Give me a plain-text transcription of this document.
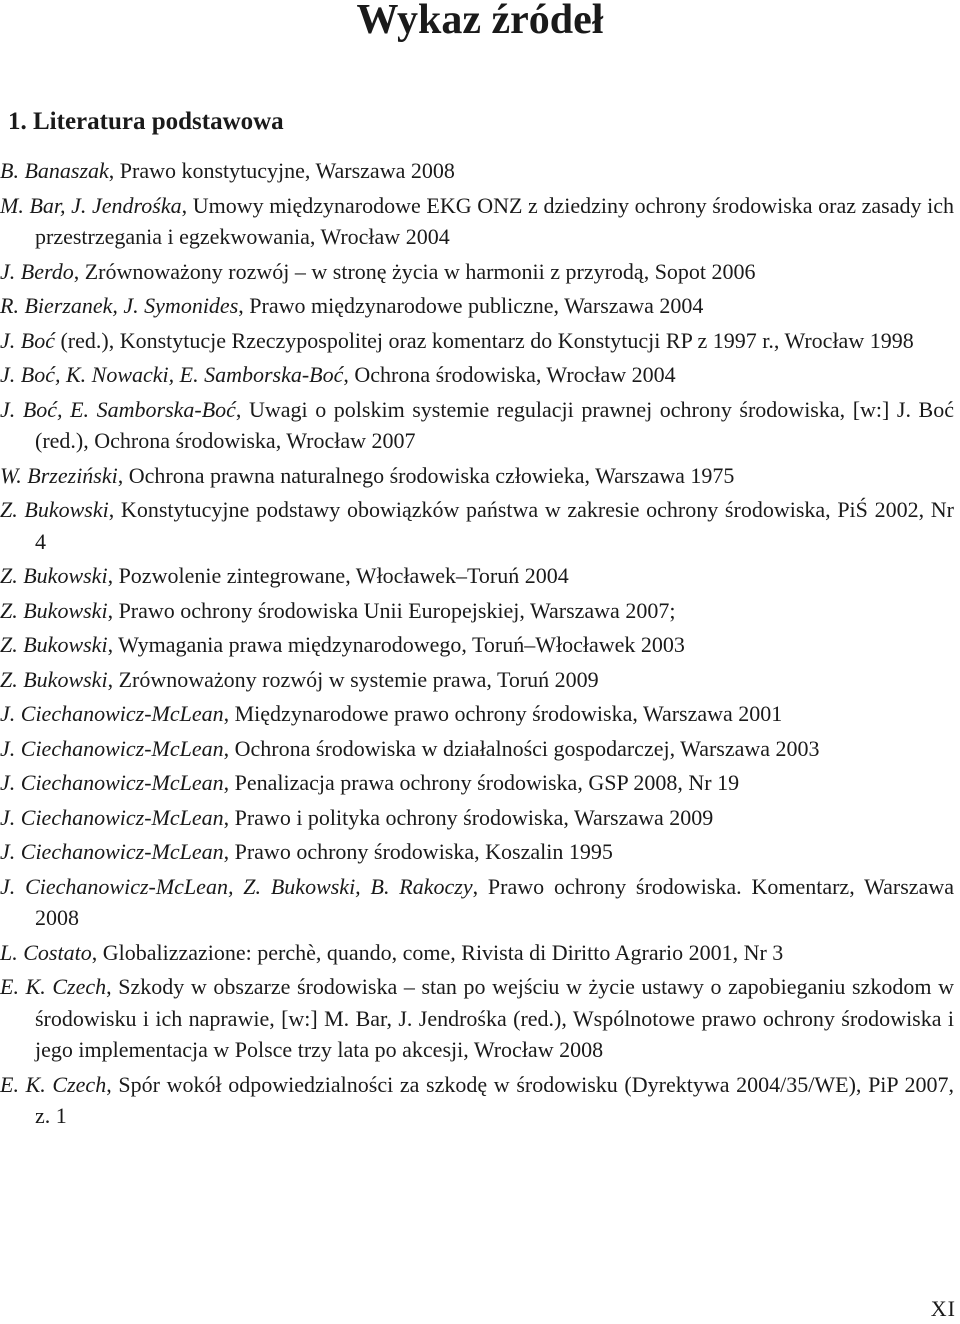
Wykaz źródeł
1. Literatura podstawowa
B. Banaszak, Prawo konstytucyjne, Warszawa 2008
M. Bar, J. Jendrośka, Umowy międzynarodowe EKG ONZ z dziedziny ochrony środowiska oraz zasady ich przestrzegania i egzekwowania, Wrocław 2004
J. Berdo, Zrównoważony rozwój – w stronę życia w harmonii z przyrodą, Sopot 2006
R. Bierzanek, J. Symonides, Prawo międzynarodowe publiczne, Warszawa 2004
J. Boć (red.), Konstytucje Rzeczypospolitej oraz komentarz do Konstytucji RP z 1997 r., Wrocław 1998
J. Boć, K. Nowacki, E. Samborska-Boć, Ochrona środowiska, Wrocław 2004
J. Boć, E. Samborska-Boć, Uwagi o polskim systemie regulacji prawnej ochrony środowiska, [w:] J. Boć (red.), Ochrona środowiska, Wrocław 2007
W. Brzeziński, Ochrona prawna naturalnego środowiska człowieka, Warszawa 1975
Z. Bukowski, Konstytucyjne podstawy obowiązków państwa w zakresie ochrony środowiska, PiŚ 2002, Nr 4
Z. Bukowski, Pozwolenie zintegrowane, Włocławek–Toruń 2004
Z. Bukowski, Prawo ochrony środowiska Unii Europejskiej, Warszawa 2007;
Z. Bukowski, Wymagania prawa międzynarodowego, Toruń–Włocławek 2003
Z. Bukowski, Zrównoważony rozwój w systemie prawa, Toruń 2009
J. Ciechanowicz-McLean, Międzynarodowe prawo ochrony środowiska, Warszawa 2001
J. Ciechanowicz-McLean, Ochrona środowiska w działalności gospodarczej, Warszawa 2003
J. Ciechanowicz-McLean, Penalizacja prawa ochrony środowiska, GSP 2008, Nr 19
J. Ciechanowicz-McLean, Prawo i polityka ochrony środowiska, Warszawa 2009
J. Ciechanowicz-McLean, Prawo ochrony środowiska, Koszalin 1995
J. Ciechanowicz-McLean, Z. Bukowski, B. Rakoczy, Prawo ochrony środowiska. Komentarz, Warszawa 2008
L. Costato, Globalizzazione: perchè, quando, come, Rivista di Diritto Agrario 2001, Nr 3
E. K. Czech, Szkody w obszarze środowiska – stan po wejściu w życie ustawy o zapobieganiu szkodom w środowisku i ich naprawie, [w:] M. Bar, J. Jendrośka (red.), Wspólnotowe prawo ochrony środowiska i jego implementacja w Polsce trzy lata po akcesji, Wrocław 2008
E. K. Czech, Spór wokół odpowiedzialności za szkodę w środowisku (Dyrektywa 2004/35/WE), PiP 2007, z. 1
XI
